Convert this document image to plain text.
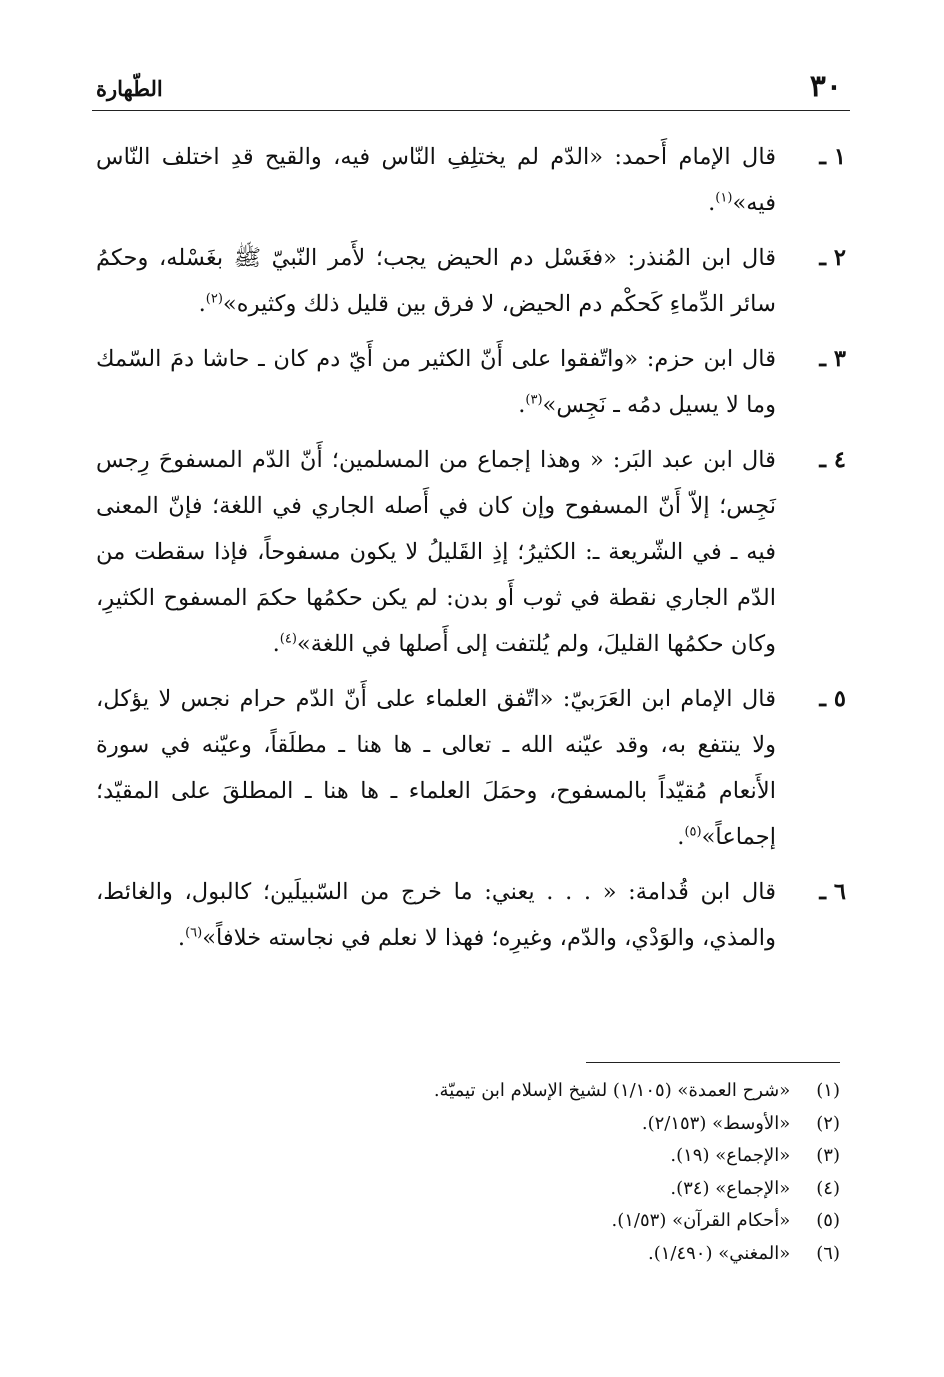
٣٠
الطّهارة
١ ـ
قال الإمام أَحمد: «الدّم لم يختلِفِ النّاس فيه، والقيح قدِ اختلف النّاس فيه»$^{(١)}$.
٢ ـ
قال ابن المُنذر: «فغَسْل دم الحيض يجب؛ لأَمر النّبيّ ﷺ بغَسْله، وحكمُ سائر الدِّماءِ كَحكْم دم الحيض، لا فرق بين قليل ذلك وكثيره»$^{(٢)}$.
٣ ـ
قال ابن حزم: «واتّفقوا على أَنّ الكثير من أَيّ دم كان ـ حاشا دمَ السّمك وما لا يسيل دمُه ـ نَجِس»$^{(٣)}$.
٤ ـ
قال ابن عبد البَر: « وهذا إجماع من المسلمين؛ أَنّ الدّم المسفوحَ رِجس نَجِس؛ إلاّ أَنّ المسفوح وإن كان في أَصله الجاري في اللغة؛ فإنّ المعنى فيه ـ في الشّريعة ـ: الكثيرُ؛ إذِ القَليلُ لا يكون مسفوحاً، فإذا سقطت من الدّم الجاري نقطة في ثوب أَو بدن: لم يكن حكمُها حكمَ المسفوح الكثيرِ، وكان حكمُها القليلَ، ولم يُلتفت إلى أَصلها في اللغة»$^{(٤)}$.
٥ ـ
قال الإمام ابن العَرَبيّ: «اتّفق العلماء على أَنّ الدّم حرام نجس لا يؤكل، ولا ينتفع به، وقد عيّنه الله ـ تعالى ـ ها هنا ـ مطلَقاً، وعيّنه في سورة الأَنعام مُقيّداً بالمسفوح، وحمَلَ العلماء ـ ها هنا ـ المطلقَ على المقيّد؛ إجماعاً»$^{(٥)}$.
٦ ـ
قال ابن قُدامة: « . . . يعني: ما خرج من السّبيلَين؛ كالبول، والغائط، والمذي، والوَدْي، والدّم، وغيرِه؛ فهذا لا نعلم في نجاسته خلافاً»$^{(٦)}$.
(١) «شرح العمدة» (١/١٠٥) لشيخ الإسلام ابن تيميّة.
(٢) «الأوسط» (٢/١٥٣).
(٣) «الإجماع» (١٩).
(٤) «الإجماع» (٣٤).
(٥) «أحكام القرآن» (١/٥٣).
(٦) «المغني» (١/٤٩٠).
